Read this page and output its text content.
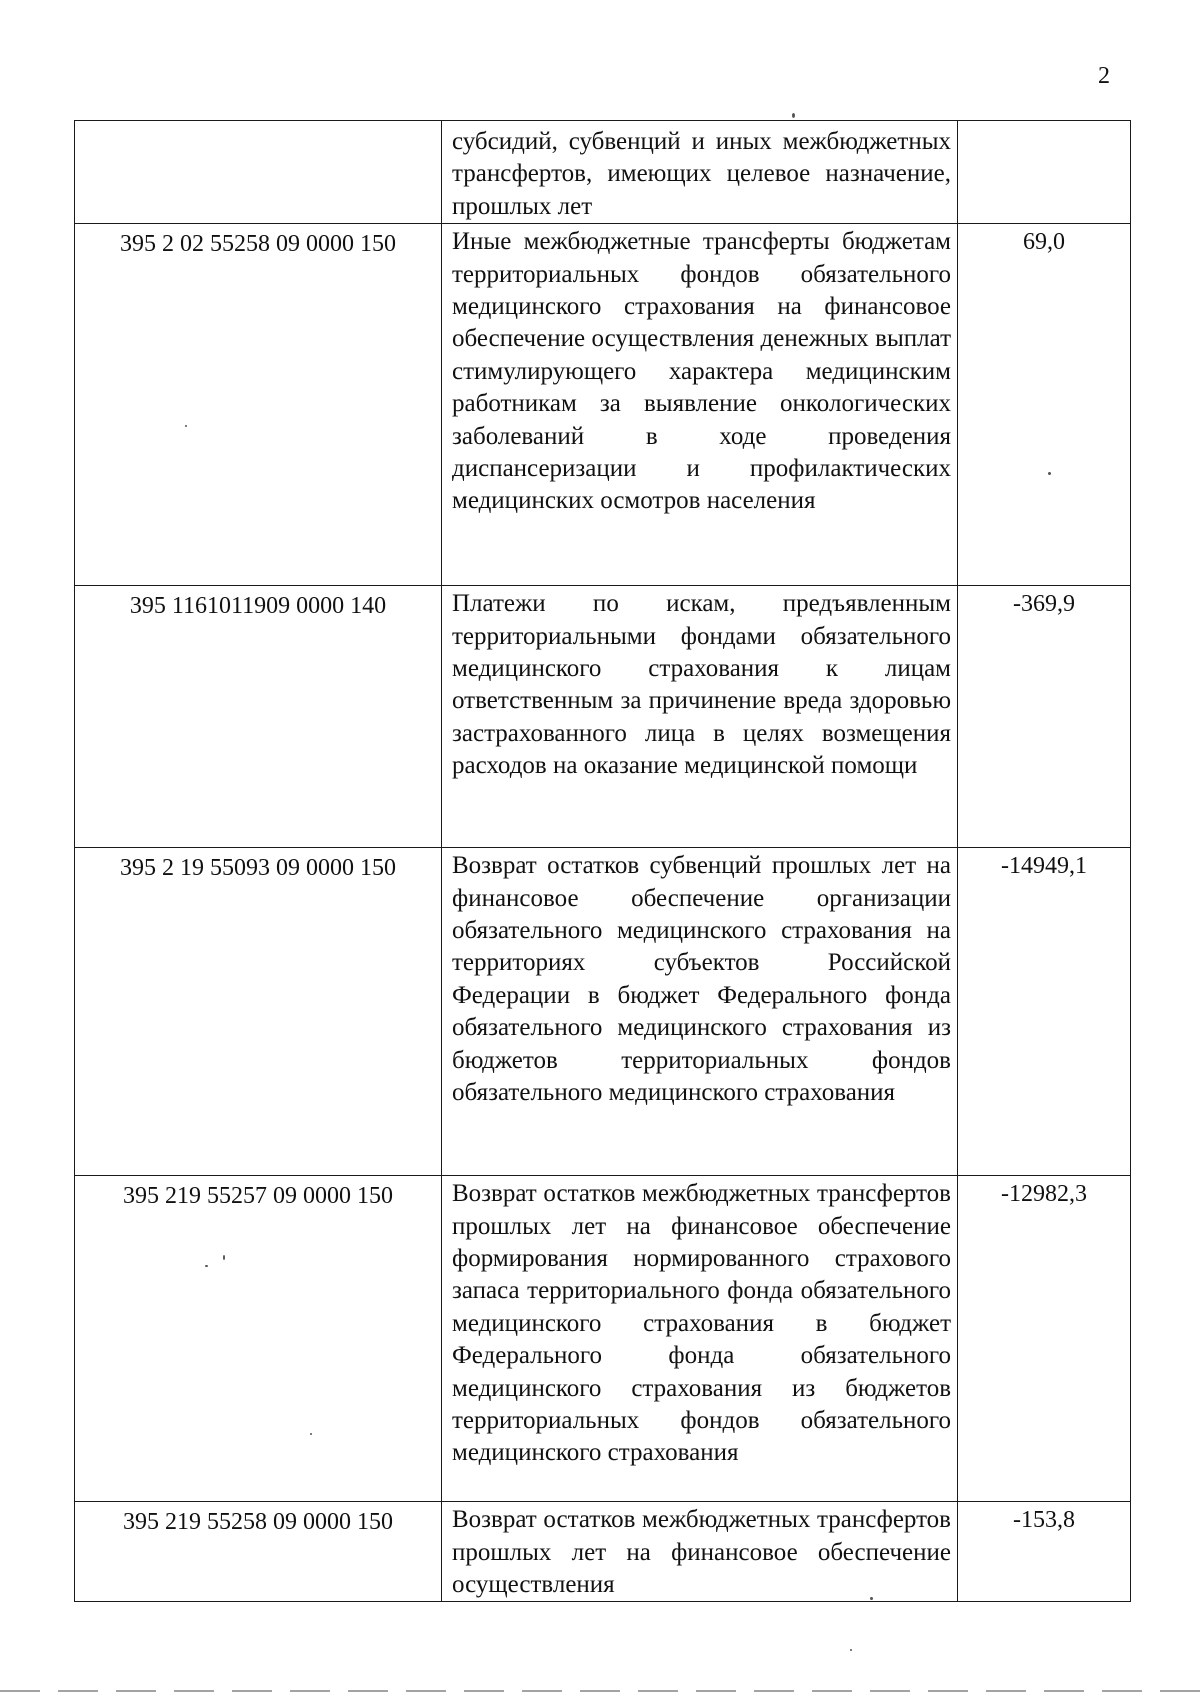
2

	субсидий, субвенций и иных межбюджетных трансфертов, имеющих целевое назначение, прошлых лет	

395 2 02 55258 09 0000 150	Иные межбюджетные трансферты бюджетам территориальных фондов обязательного медицинского страхования на финансовое обеспечение осуществления денежных выплат стимулирующего характера медицинским работникам за выявление онкологических заболеваний в ходе проведения диспансеризации и профилактических медицинских осмотров населения	69,0
395 1161011909 0000 140	Платежи по искам, предъявленным территориальными фондами обязательного медицинского страхования к лицам ответственным за причинение вреда здоровью застрахованного лица в целях возмещения расходов на оказание медицинской помощи	-369,9
395 2 19 55093 09 0000 150	Возврат остатков субвенций прошлых лет на финансовое обеспечение организации обязательного медицинского страхования на территориях субъектов Российской Федерации в бюджет Федерального фонда обязательного медицинского страхования из бюджетов территориальных фондов обязательного медицинского страхования	-14949,1
395 219 55257 09 0000 150	Возврат остатков межбюджетных трансфертов прошлых лет на финансовое обеспечение формирования нормированного страхового запаса территориального фонда обязательного медицинского страхования в бюджет Федерального фонда обязательного медицинского страхования из бюджетов территориальных фондов обязательного медицинского страхования	-12982,3
395 219 55258 09 0000 150	Возврат остатков межбюджетных трансфертов прошлых лет на финансовое обеспечение осуществления	-153,8
